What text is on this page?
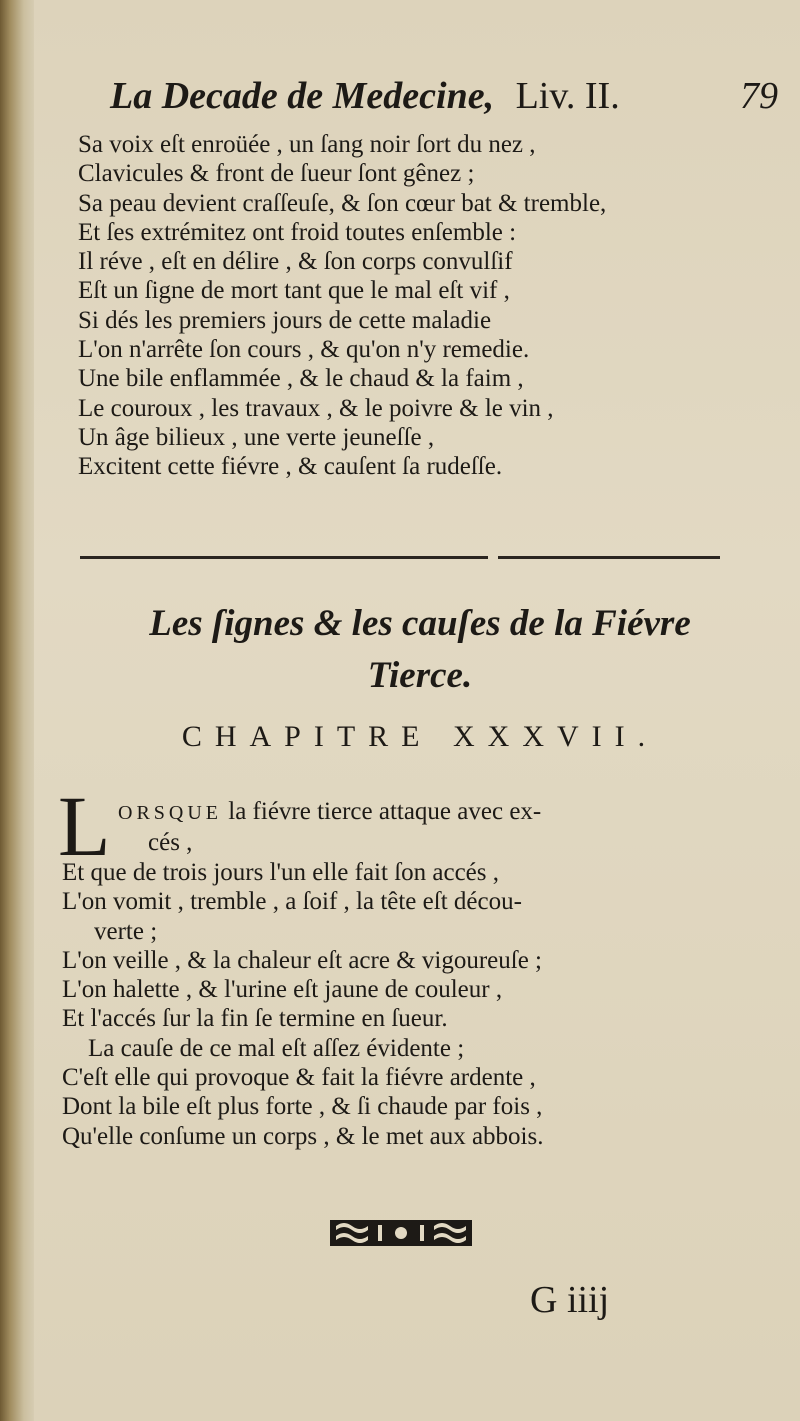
La Decade de Medecine, Liv. II.	79
Sa voix eſt enroüée , un ſang noir ſort du nez ,
Clavicules & front de ſueur ſont gênez ;
Sa peau devient craſſeuſe, & ſon cœur bat & tremble,
Et ſes extrémitez ont froid toutes enſemble :
Il réve , eſt en délire , & ſon corps convulſif
Eſt un ſigne de mort tant que le mal eſt vif ,
Si dés les premiers jours de cette maladie
L'on n'arrête ſon cours , & qu'on n'y remedie.
Une bile enflammée , & le chaud & la faim ,
Le couroux , les travaux , & le poivre & le vin ,
Un âge bilieux , une verte jeuneſſe ,
Excitent cette fiévre , & cauſent ſa rudeſſe.
Les ſignes & les cauſes de la Fiévre
Tierce.
CHAPITRE XXXVII.
L ORSQUE la fiévre tierce attaque avec ex-
cés ,
Et que de trois jours l'un elle fait ſon accés ,
L'on vomit , tremble , a ſoif , la tête eſt décou-
verte ;
L'on veille , & la chaleur eſt acre & vigoureuſe ;
L'on halette , & l'urine eſt jaune de couleur ,
Et l'accés ſur la fin ſe termine en ſueur.
La cauſe de ce mal eſt aſſez évidente ;
C'eſt elle qui provoque & fait la fiévre ardente ,
Dont la bile eſt plus forte , & ſi chaude par fois ,
Qu'elle conſume un corps , & le met aux abbois.
G iiij
